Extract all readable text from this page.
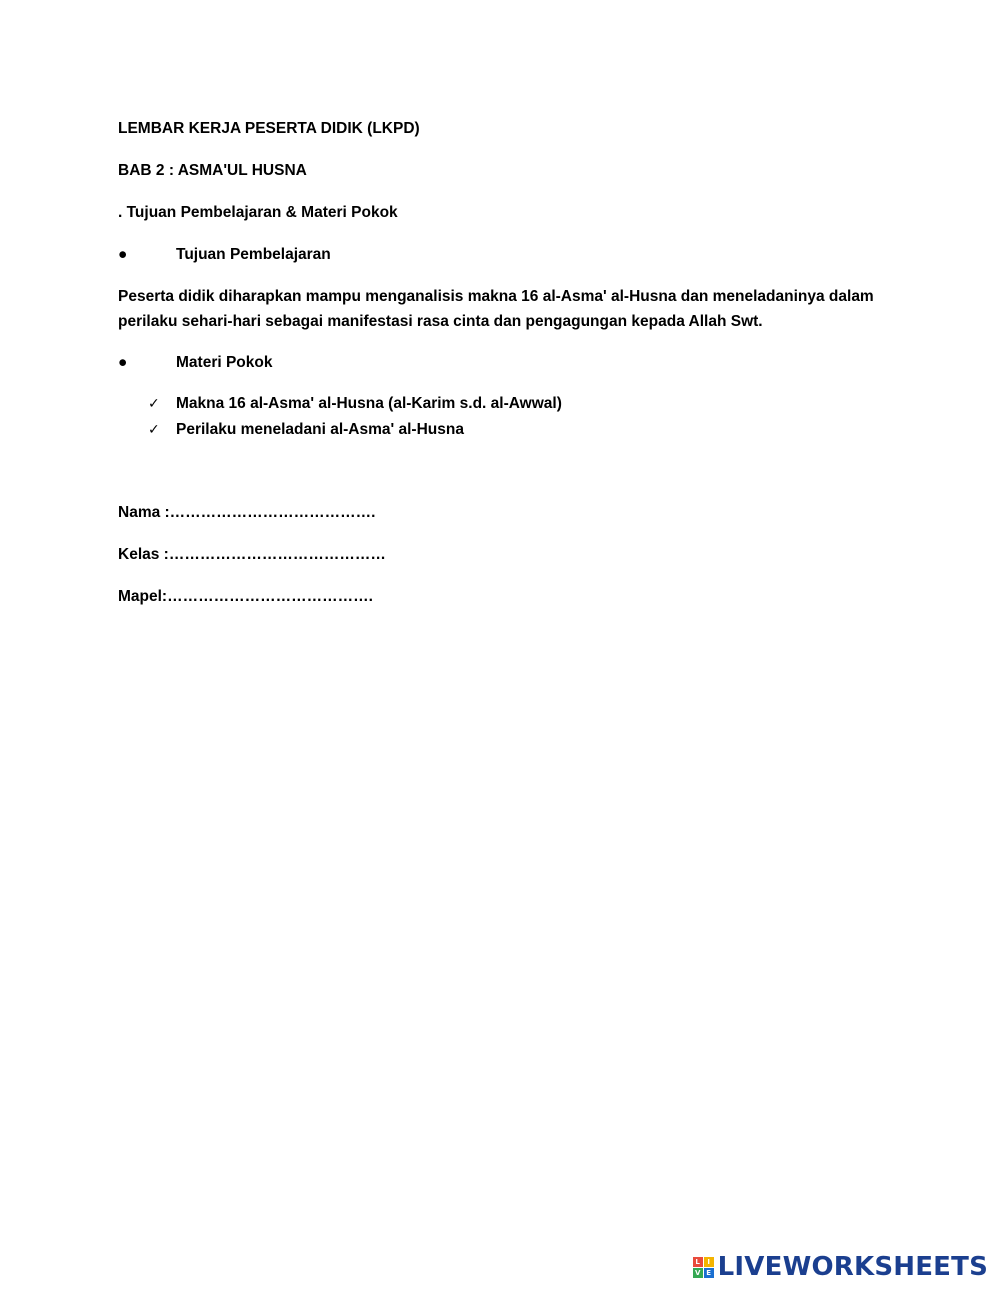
LEMBAR KERJA PESERTA DIDIK (LKPD)
BAB 2 : ASMA'UL HUSNA
. Tujuan Pembelajaran & Materi Pokok
●	Tujuan Pembelajaran
Peserta didik diharapkan mampu menganalisis makna 16 al-Asma' al-Husna dan meneladaninya dalam perilaku sehari-hari sebagai manifestasi rasa cinta dan pengagungan kepada Allah Swt.
●	Materi Pokok
✓ Makna 16 al-Asma' al-Husna (al-Karim s.d. al-Awwal)
✓ Perilaku meneladani al-Asma' al-Husna
Nama :………………………………….
Kelas :……………………………………
Mapel:………………………………….
L	I
V E LIVEWORKSHEETS
